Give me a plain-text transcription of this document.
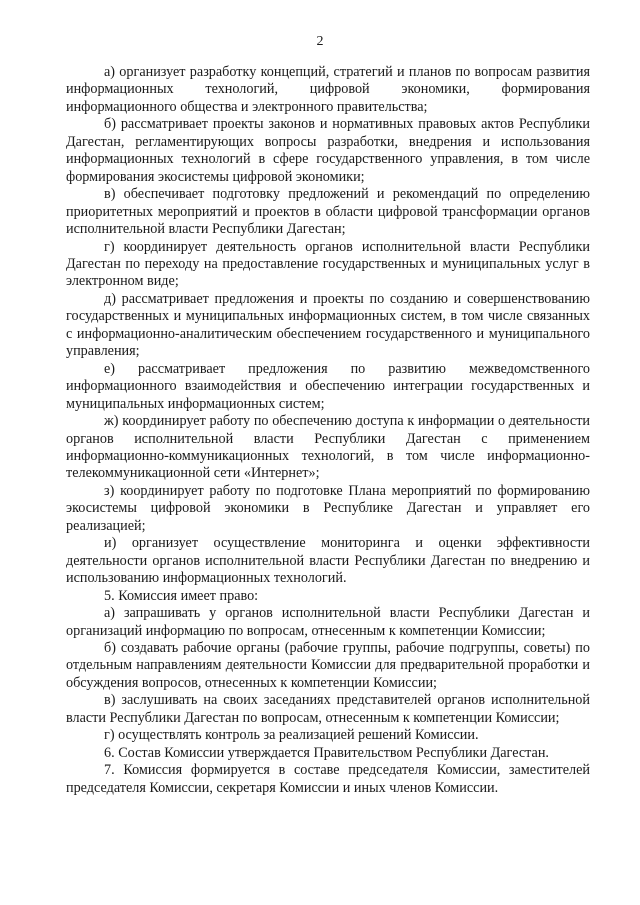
2

а) организует разработку концепций, стратегий и планов по вопросам развития информационных технологий, цифровой экономики, формирования информационного общества и электронного правительства;

б) рассматривает проекты законов и нормативных правовых актов Республики Дагестан, регламентирующих вопросы разработки, внедрения и использования информационных технологий в сфере государственного управления, в том числе формирования экосистемы цифровой экономики;

в) обеспечивает подготовку предложений и рекомендаций по определению приоритетных мероприятий и проектов в области цифровой трансформации органов исполнительной власти Республики Дагестан;

г) координирует деятельность органов исполнительной власти Республики Дагестан по переходу на предоставление государственных и муниципальных услуг в электронном виде;

д) рассматривает предложения и проекты по созданию и совершенствованию государственных и муниципальных информационных систем, в том числе связанных с информационно-аналитическим обеспечением государственного и муниципального управления;

е) рассматривает предложения по развитию межведомственного информационного взаимодействия и обеспечению интеграции государственных и муниципальных информационных систем;

ж) координирует работу по обеспечению доступа к информации о деятельности органов исполнительной власти Республики Дагестан с применением информационно-коммуникационных технологий, в том числе информационно-телекоммуникационной сети «Интернет»;

з) координирует работу по подготовке Плана мероприятий по формированию экосистемы цифровой экономики в Республике Дагестан и управляет его реализацией;

и) организует осуществление мониторинга и оценки эффективности деятельности органов исполнительной власти Республики Дагестан по внедрению и использованию информационных технологий.

5. Комиссия имеет право:

а) запрашивать у органов исполнительной власти Республики Дагестан и организаций информацию по вопросам, отнесенным к компетенции Комиссии;

б) создавать рабочие органы (рабочие группы, рабочие подгруппы, советы) по отдельным направлениям деятельности Комиссии для предварительной проработки и обсуждения вопросов, отнесенных к компетенции Комиссии;

в) заслушивать на своих заседаниях представителей органов исполнительной власти Республики Дагестан по вопросам, отнесенным к компетенции Комиссии;

г) осуществлять контроль за реализацией решений Комиссии.

6. Состав Комиссии утверждается Правительством Республики Дагестан.

7. Комиссия формируется в составе председателя Комиссии, заместителей председателя Комиссии, секретаря Комиссии и иных членов Комиссии.
